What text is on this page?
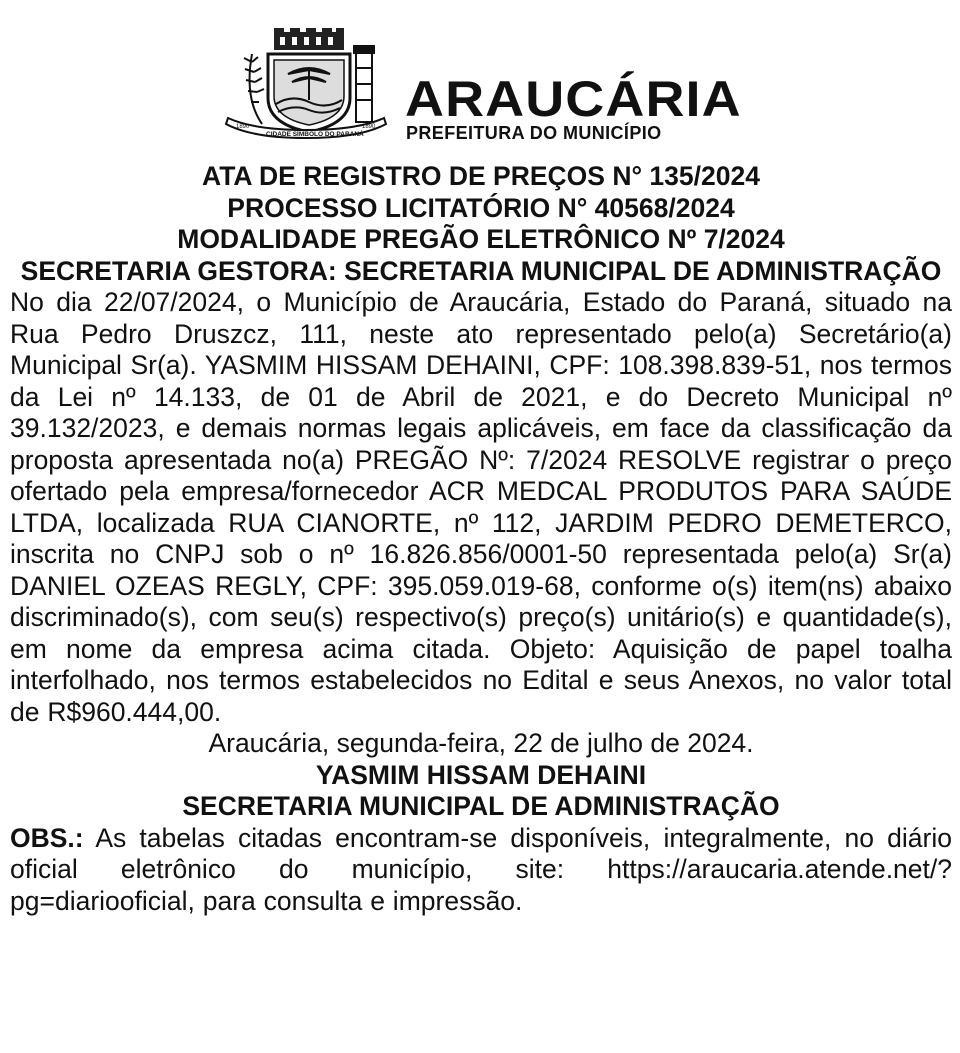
1890
CIDADE SÍMBOLO DO PARANÁ
1890 ARAUCÁRIA
PREFEITURA DO MUNICÍPIO

ATA DE REGISTRO DE PREÇOS N° 135/2024

PROCESSO LICITATÓRIO N° 40568/2024

MODALIDADE PREGÃO ELETRÔNICO Nº 7/2024

SECRETARIA GESTORA: SECRETARIA MUNICIPAL DE ADMINISTRAÇÃO

No dia 22/07/2024, o Município de Araucária, Estado do Paraná, situado na Rua Pedro Druszcz, 111, neste ato representado pelo(a) Secretário(a) Municipal Sr(a). YASMIM HISSAM DEHAINI, CPF: 108.398.839-51, nos termos da Lei nº 14.133, de 01 de Abril de 2021, e do Decreto Municipal nº 39.132/2023, e demais normas legais aplicáveis, em face da classificação da proposta apresentada no(a) PREGÃO Nº: 7/2024 RESOLVE registrar o preço ofertado pela empresa/fornecedor ACR MEDCAL PRODUTOS PARA SAÚDE LTDA, localizada RUA CIANORTE, nº 112, JARDIM PEDRO DEMETERCO, inscrita no CNPJ sob o nº 16.826.856/0001-50 representada pelo(a) Sr(a) DANIEL OZEAS REGLY, CPF: 395.059.019-68, conforme o(s) item(ns) abaixo discriminado(s), com seu(s) respectivo(s) preço(s) unitário(s) e quantidade(s), em nome da empresa acima citada. Objeto: Aquisição de papel toalha interfolhado, nos termos estabelecidos no Edital e seus Anexos, no valor total de R$960.444,00.

Araucária, segunda-feira, 22 de julho de 2024.

YASMIM HISSAM DEHAINI

SECRETARIA MUNICIPAL DE ADMINISTRAÇÃO

OBS.: As tabelas citadas encontram-se disponíveis, integralmente, no diário oficial eletrônico do município, site: https://araucaria.atende.net/?pg=diariooficial, para consulta e impressão.
